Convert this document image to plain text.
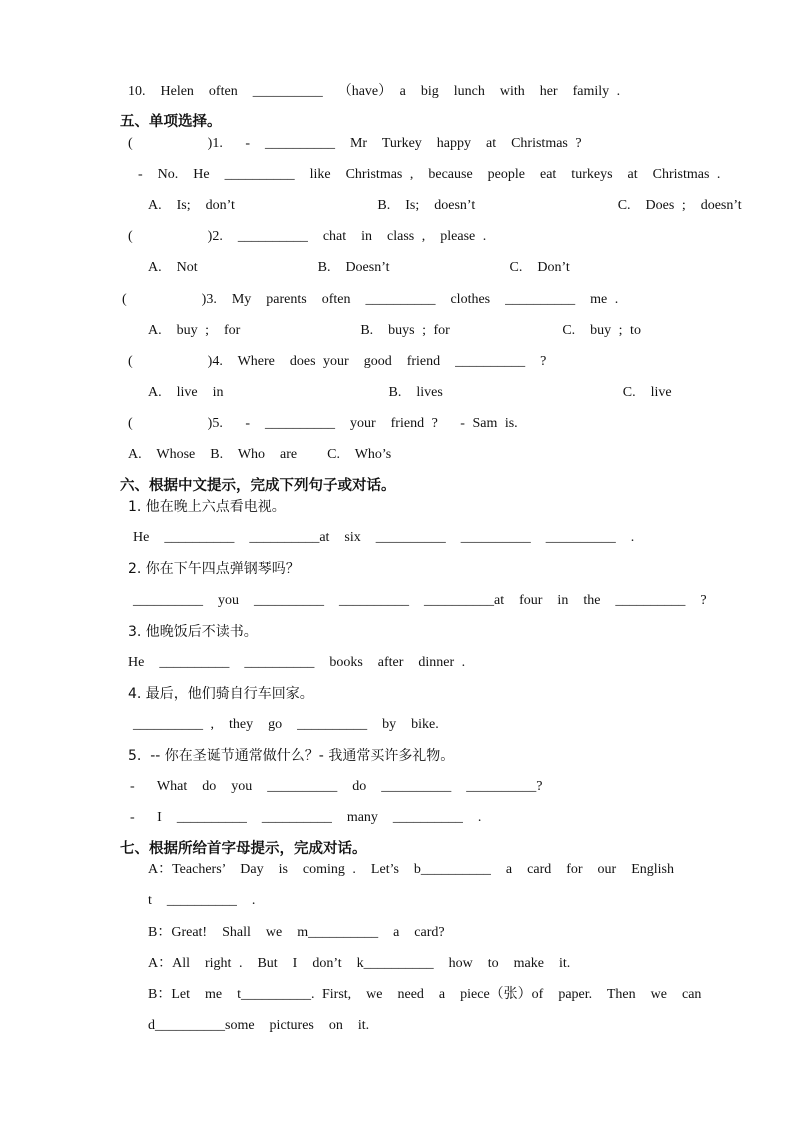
10.  Helen  often  __________  （have） a  big  lunch  with  her  family .
五、单项选择。
(          )1.   -  __________  Mr  Turkey  happy  at  Christmas ?
-  No.  He  __________  like  Christmas ,  because  people  eat  turkeys  at  Christmas .
A.  Is;  don’t                   B.  Is;  doesn’t                   C.  Does ;  doesn’t
(          )2.  __________  chat  in  class ,  please .
A.  Not                B.  Doesn’t                C.  Don’t
(          )3.  My  parents  often  __________  clothes  __________  me .
A.  buy ;  for                B.  buys ; for               C.  buy ; to
(          )4.  Where  does your  good  friend  __________  ?
A.  live  in                      B.  lives                        C.  live
(          )5.   -  __________  your  friend ?   - Sam is.
A.  Whose  B.  Who  are    C.  Who’s
六、根据中文提示，完成下列句子或对话。
1. 他在晚上六点看电视。
He  __________  __________at  six  __________  __________  __________  .
2. 你在下午四点弹钢琴吗？
__________  you  __________  __________  __________at  four  in  the  __________  ?
3. 他晚饭后不读书。
He  __________  __________  books  after  dinner .
4. 最后，他们骑自行车回家。
__________ ,  they  go  __________  by  bike.
5.  -- 你在圣诞节通常做什么？- 我通常买许多礼物。
-   What  do  you  __________  do  __________  __________?
-   I  __________  __________  many  __________  .
七、根据所给首字母提示，完成对话。
A：Teachers’  Day  is  coming .  Let’s  b__________  a  card  for  our  English
t  __________  .
B：Great!  Shall  we  m__________  a  card?
A：All  right .  But  I  don’t  k__________  how  to  make  it.
B：Let  me  t__________. First,  we  need  a  piece（张）of  paper.  Then  we  can
d__________some  pictures  on  it.
